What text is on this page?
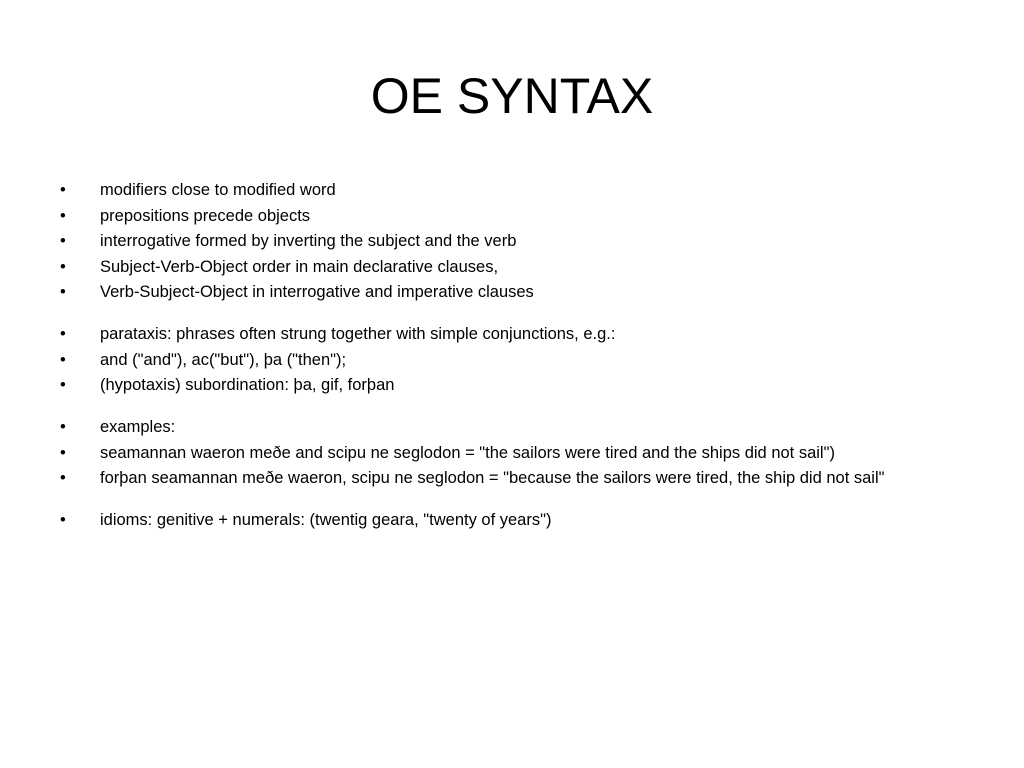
OE SYNTAX
•	modifiers close to modified word
•	prepositions precede objects
•	interrogative formed by inverting the subject and the verb
•	Subject-Verb-Object order in main declarative clauses,
•	Verb-Subject-Object in interrogative and imperative clauses
•	parataxis: phrases often strung together with simple conjunctions, e.g.:
•	and ("and"), ac("but"), þa ("then");
•	(hypotaxis) subordination: þa, gif, forþan
•	examples:
•	seamannan waeron meðe and scipu ne seglodon = "the sailors were tired and the ships did not sail")
•	forþan seamannan meðe waeron, scipu ne seglodon = "because the sailors were tired, the ship did not sail"
•	idioms: genitive + numerals: (twentig geara, "twenty of years")
